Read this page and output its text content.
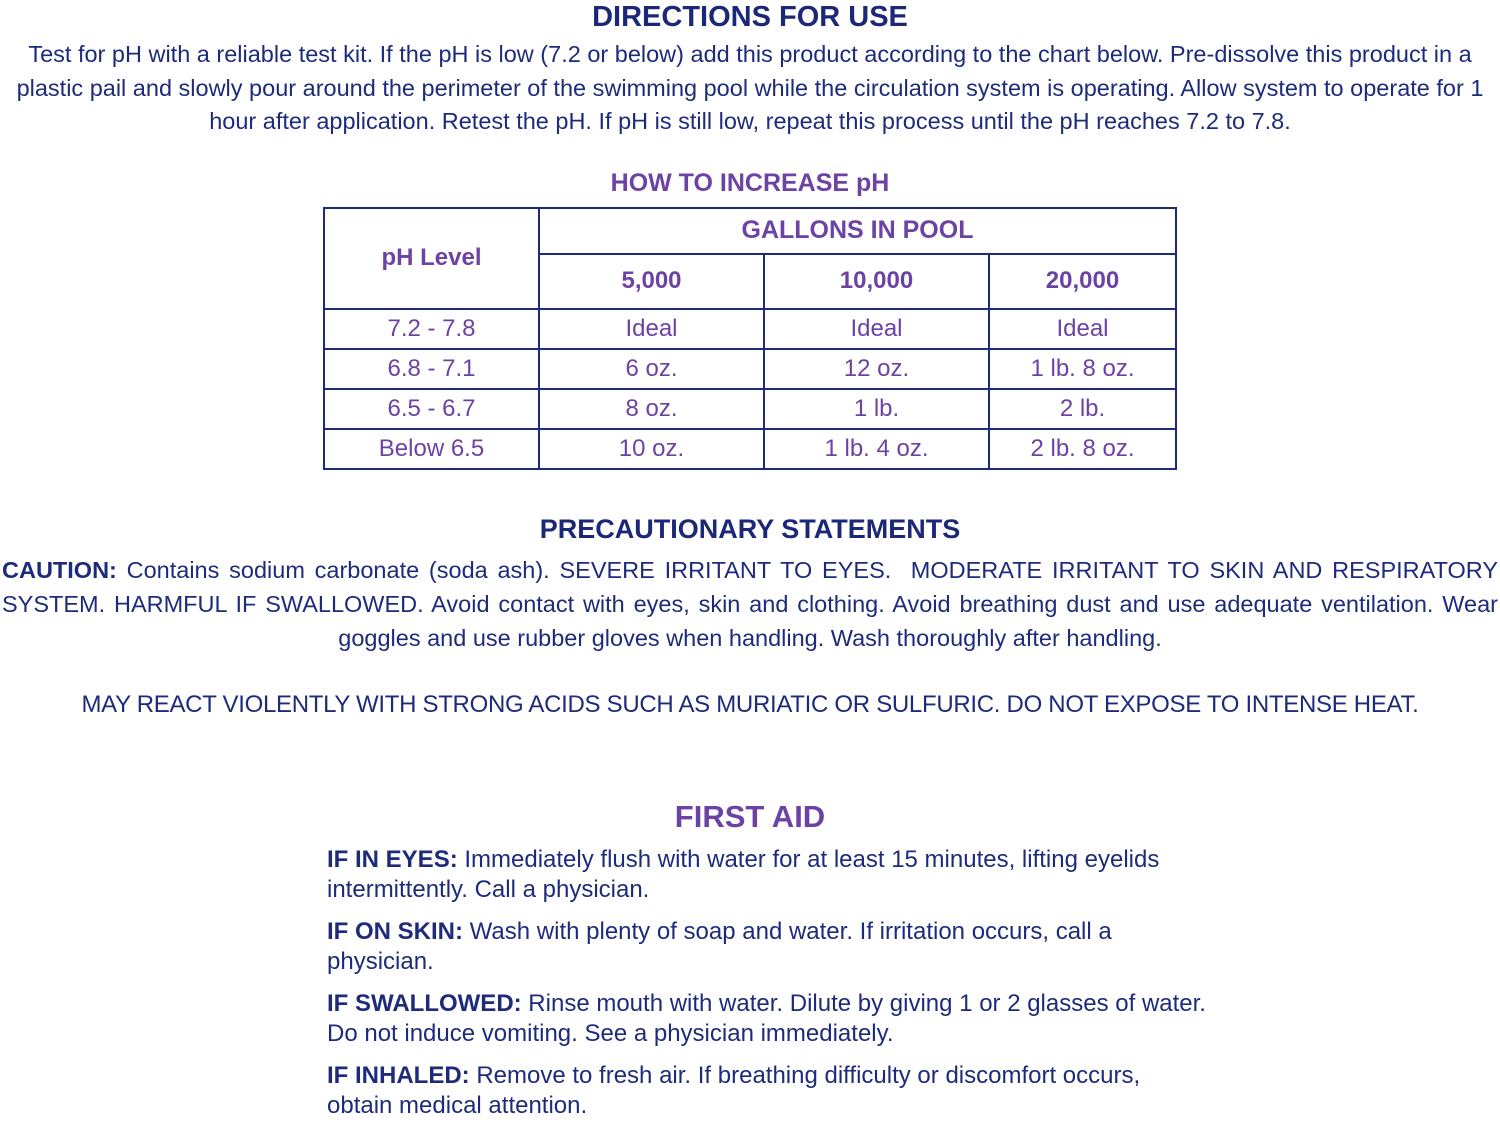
DIRECTIONS FOR USE
Test for pH with a reliable test kit. If the pH is low (7.2 or below) add this product according to the chart below. Pre-dissolve this product in a plastic pail and slowly pour around the perimeter of the swimming pool while the circulation system is operating. Allow system to operate for 1 hour after application. Retest the pH. If pH is still low, repeat this process until the pH reaches 7.2 to 7.8.
HOW TO INCREASE pH
pH Level	GALLONS IN POOL		
	5,000	10,000	20,000
7.2 - 7.8	Ideal	Ideal	Ideal
6.8 - 7.1	6 oz.	12 oz.	1 lb. 8 oz.
6.5 - 6.7	8 oz.	1 lb.	2 lb.
Below 6.5	10 oz.	1 lb. 4 oz.	2 lb. 8 oz.
PRECAUTIONARY STATEMENTS
CAUTION: Contains sodium carbonate (soda ash). SEVERE IRRITANT TO EYES.  MODERATE IRRITANT TO SKIN AND RESPIRATORY SYSTEM. HARMFUL IF SWALLOWED. Avoid contact with eyes, skin and clothing. Avoid breathing dust and use adequate ventilation. Wear goggles and use rubber gloves when handling. Wash thoroughly after handling.
MAY REACT VIOLENTLY WITH STRONG ACIDS SUCH AS MURIATIC OR SULFURIC. DO NOT EXPOSE TO INTENSE HEAT.
FIRST AID
IF IN EYES: Immediately flush with water for at least 15 minutes, lifting eyelids intermittently. Call a physician.
IF ON SKIN: Wash with plenty of soap and water. If irritation occurs, call a physician.
IF SWALLOWED: Rinse mouth with water. Dilute by giving 1 or 2 glasses of water. Do not induce vomiting. See a physician immediately.
IF INHALED: Remove to fresh air. If breathing difficulty or discomfort occurs, obtain medical attention.
